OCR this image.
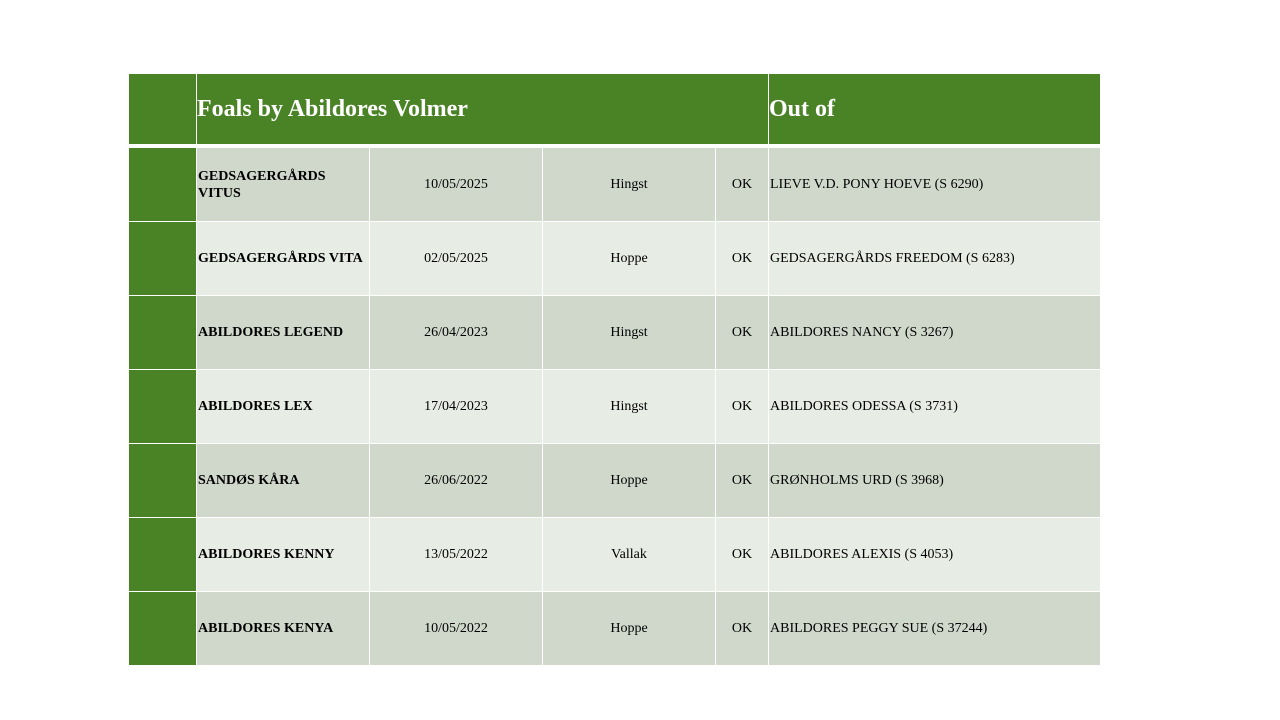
	Foals by Abildores Volmer				Out of
	GEDSAGERGÅRDS VITUS	10/05/2025	Hingst	OK	LIEVE V.D. PONY HOEVE (S 6290)
	GEDSAGERGÅRDS VITA	02/05/2025	Hoppe	OK	GEDSAGERGÅRDS FREEDOM (S 6283)
	ABILDORES LEGEND	26/04/2023	Hingst	OK	ABILDORES NANCY (S 3267)
	ABILDORES LEX	17/04/2023	Hingst	OK	ABILDORES ODESSA (S 3731)
	SANDØS KÅRA	26/06/2022	Hoppe	OK	GRØNHOLMS URD (S 3968)
	ABILDORES KENNY	13/05/2022	Vallak	OK	ABILDORES ALEXIS (S 4053)
	ABILDORES KENYA	10/05/2022	Hoppe	OK	ABILDORES PEGGY SUE (S 37244)
